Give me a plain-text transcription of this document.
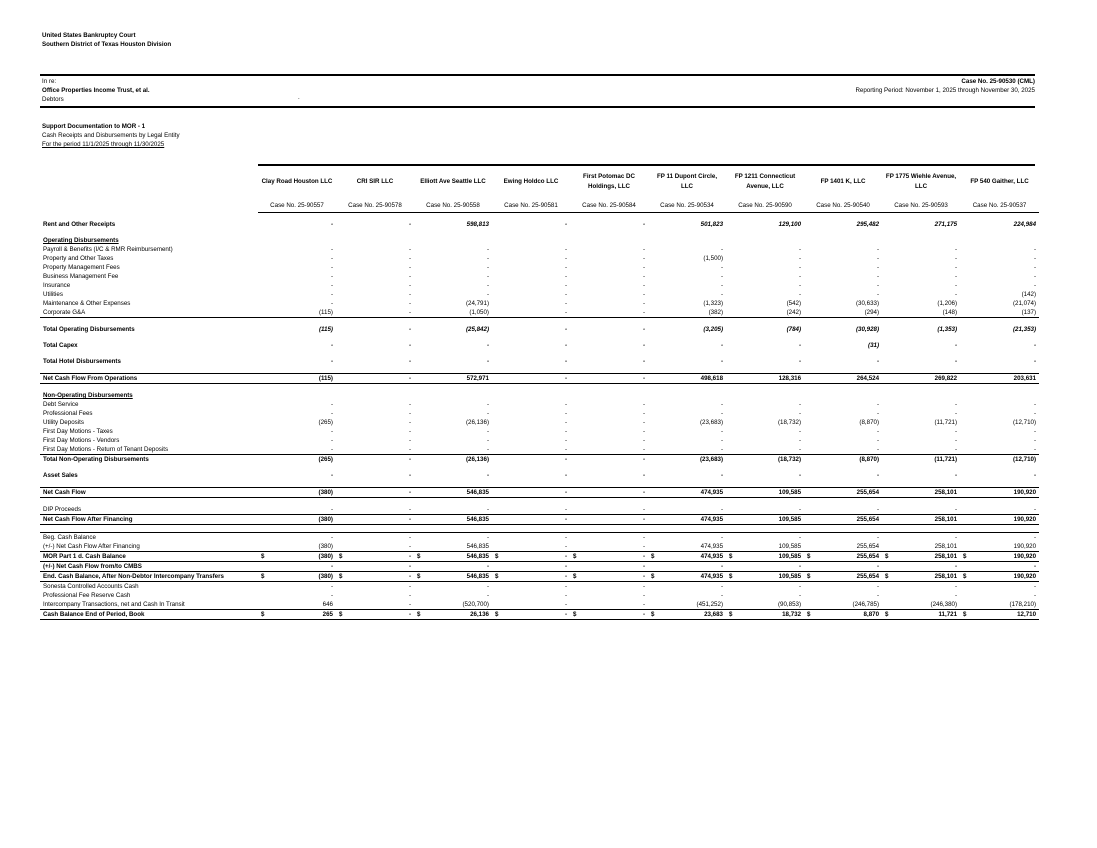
United States Bankruptcy Court
Southern District of Texas Houston Division
In re:
Office Properties Income Trust, et al.
Debtors	.
Case No. 25-90530 (CML)
Reporting Period: November 1, 2025 through November 30, 2025
Support Documentation to MOR - 1
Cash Receipts and Disbursements by Legal Entity
For the period 11/1/2025 through 11/30/2025
	Clay Road Houston LLC		CRI SIR LLC		Elliott Ave Seattle LLC		Ewing Holdco LLC		First Potomac DC Holdings, LLC		FP 11 Dupont Circle, LLC		FP 1211 Connecticut Avenue, LLC		FP 1401 K, LLC		FP 1775 Wiehle Avenue, LLC		FP 540 Gaither, LLC	
	Case No. 25-90557		Case No. 25-90578		Case No. 25-90558		Case No. 25-90581		Case No. 25-90584		Case No. 25-90534		Case No. 25-90590		Case No. 25-90540		Case No. 25-90593		Case No. 25-90537	

Rent and Other Receipts		-		-		598,813		-		-		501,823		129,100		295,482		271,175		224,984

Operating Disbursements																				
Payroll & Benefits (I/C & RMR Reimbursement)		-		-		-		-		-		-		-		-		-		-
Property and Other Taxes		-		-		-		-		-		(1,500)		-		-		-		-
Property Management Fees		-		-		-		-		-		-		-		-		-		-
Business Management Fee		-		-		-		-		-		-		-		-		-		-
Insurance		-		-		-		-		-		-		-		-		-		-
Utilities		-		-		-		-		-		-		-		-		-		(142)
Maintenance & Other Expenses		-		-		(24,791)		-		-		(1,323)		(542)		(30,633)		(1,206)		(21,074)
Corporate G&A		(115)		-		(1,050)		-		-		(382)		(242)		(294)		(148)		(137)

Total Operating Disbursements		(115)		-		(25,842)		-		-		(3,205)		(784)		(30,928)		(1,353)		(21,353)

Total Capex		-		-		-		-		-		-		-		(31)		-		-

Total Hotel Disbursements		-		-		-		-		-		-		-		-		-		-

Net Cash Flow From Operations		(115)		-		572,971		-		-		498,618		128,316		264,524		269,822		203,631

Non-Operating Disbursements																				
Debt Service		-		-		-		-		-		-		-		-		-		-
Professional Fees		-		-		-		-		-		-		-		-		-		-
Utility Deposits		(265)		-		(26,136)		-		-		(23,683)		(18,732)		(8,870)		(11,721)		(12,710)
First Day Motions - Taxes		-		-		-		-		-		-		-		-		-		-
First Day Motions - Vendors		-		-		-		-		-		-		-		-		-		-
First Day Motions - Return of Tenant Deposits		-		-		-		-		-		-		-		-		-		-
Total Non-Operating Disbursements		(265)		-		(26,136)		-		-		(23,683)		(18,732)		(8,870)		(11,721)		(12,710)

Asset Sales		-		-		-		-		-		-		-		-		-		-

Net Cash Flow		(380)		-		546,835		-		-		474,935		109,585		255,654		258,101		190,920

DIP Proceeds		-		-		-		-		-		-		-		-		-		-
Net Cash Flow After Financing		(380)		-		546,835		-		-		474,935		109,585		255,654		258,101		190,920

Beg. Cash Balance		-		-		-		-		-		-		-		-		-		-
(+/-) Net Cash Flow After Financing		(380)		-		546,835		-		-		474,935		109,585		255,654		258,101		190,920
MOR Part 1 d. Cash Balance	$	(380)	$	-	$	546,835	$	-	$	-	$	474,935	$	109,585	$	255,654	$	258,101	$	190,920
(+/-) Net Cash Flow from/to CMBS		-		-		-		-		-		-		-		-		-		-
End. Cash Balance, After Non-Debtor Intercompany Transfers	$	(380)	$	-	$	546,835	$	-	$	-	$	474,935	$	109,585	$	255,654	$	258,101	$	190,920
Sonesta Controlled Accounts Cash		-		-		-		-		-		-		-		-		-		-
Professional Fee Reserve Cash		-		-		-		-		-		-		-		-		-		-
Intercompany Transactions, net and Cash In Transit		646		-		(520,700)		-		-		(451,252)		(90,853)		(246,785)		(246,380)		(178,210)
Cash Balance End of Period, Book	$	265	$	-	$	26,136	$	-	$	-	$	23,683	$	18,732	$	8,870	$	11,721	$	12,710
